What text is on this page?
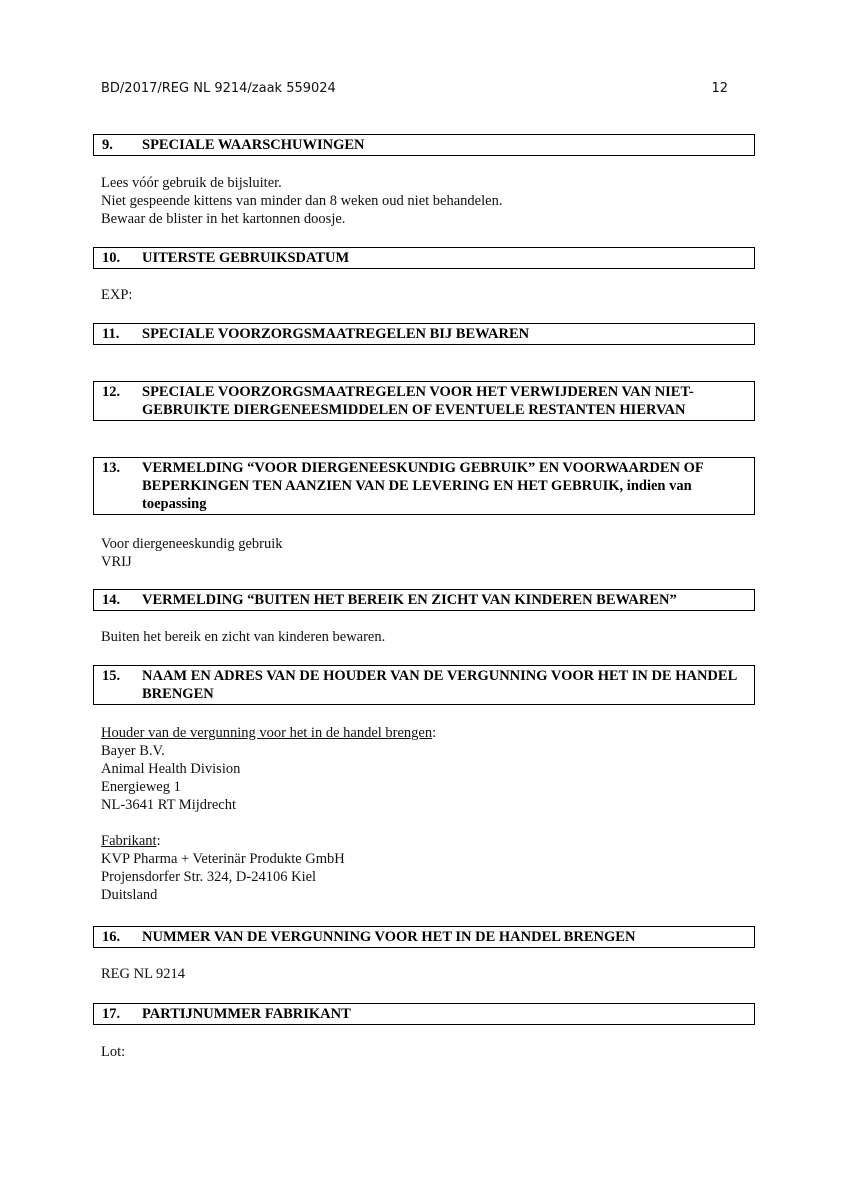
BD/2017/REG NL 9214/zaak 559024	12
9.	SPECIALE WAARSCHUWINGEN
Lees vóór gebruik de bijsluiter.
Niet gespeende kittens van minder dan 8 weken oud niet behandelen.
Bewaar de blister in het kartonnen doosje.
10.	UITERSTE GEBRUIKSDATUM
EXP:
11.	SPECIALE VOORZORGSMAATREGELEN BIJ BEWAREN
12.	SPECIALE VOORZORGSMAATREGELEN VOOR HET VERWIJDEREN VAN NIET-GEBRUIKTE DIERGENEESMIDDELEN OF EVENTUELE RESTANTEN HIERVAN
13.	VERMELDING “VOOR DIERGENEESKUNDIG GEBRUIK” EN VOORWAARDEN OF BEPERKINGEN TEN AANZIEN VAN DE LEVERING EN HET GEBRUIK, indien van toepassing
Voor diergeneeskundig gebruik
VRIJ
14.	VERMELDING “BUITEN HET BEREIK EN ZICHT VAN KINDEREN BEWAREN”
Buiten het bereik en zicht van kinderen bewaren.
15.	NAAM EN ADRES VAN DE HOUDER VAN DE VERGUNNING VOOR HET IN DE HANDEL BRENGEN
Houder van de vergunning voor het in de handel brengen:
Bayer B.V.
Animal Health Division
Energieweg 1
NL-3641 RT Mijdrecht
Fabrikant:
KVP Pharma + Veterinär Produkte GmbH
Projensdorfer Str. 324, D-24106 Kiel
Duitsland
16.	NUMMER VAN DE VERGUNNING VOOR HET IN DE HANDEL BRENGEN
REG NL 9214
17.	PARTIJNUMMER FABRIKANT
Lot:
